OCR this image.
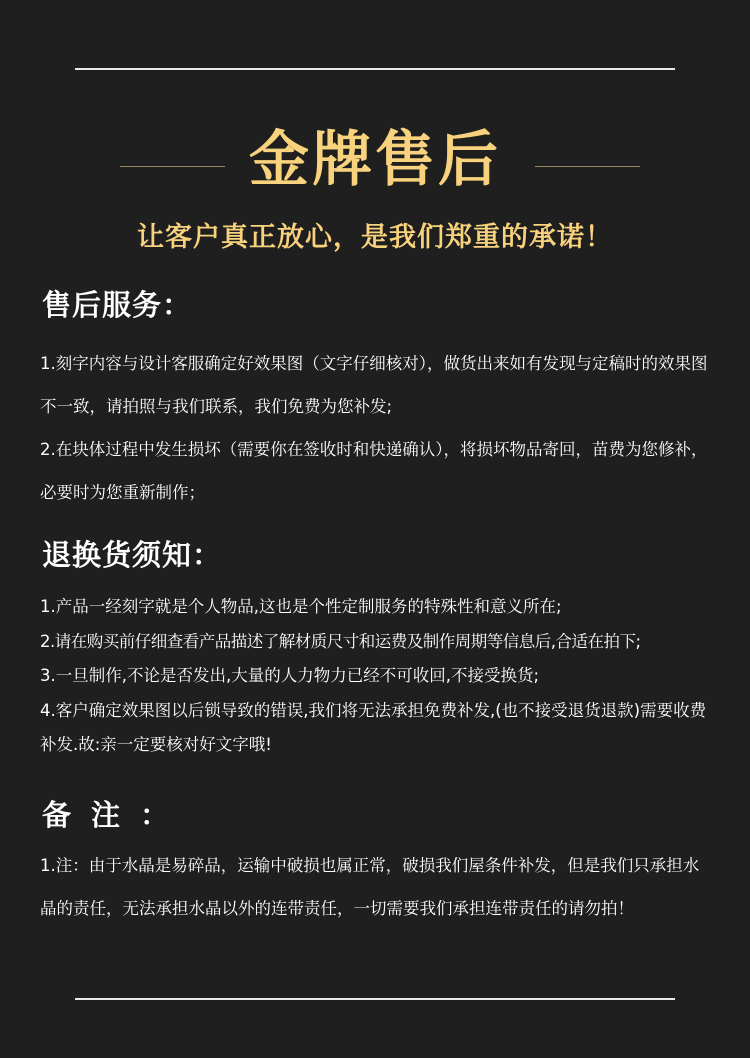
金牌售后
让客户真正放心，是我们郑重的承诺！
售后服务：

1.刻字内容与设计客服确定好效果图（文字仔细核对），做货出来如有发现与定稿时的效果图不一致，请拍照与我们联系，我们免费为您补发;

2.在块体过程中发生损坏（需要你在签收时和快递确认），将损坏物品寄回，苗费为您修补，必要时为您重新制作；

退换货须知：

1.产品一经刻字就是个人物品,这也是个性定制服务的特殊性和意义所在;

2.请在购买前仔细查看产品描述了解材质尺寸和运费及制作周期等信息后,合适在拍下;

3.一旦制作,不论是否发出,大量的人力物力已经不可收回,不接受换货;

4.客户确定效果图以后锁导致的错误,我们将无法承担免费补发,(也不接受退货退款)需要收费补发.故:亲一定要核对好文字哦!

备注：

1.注：由于水晶是易碎品，运输中破损也属正常，破损我们屋条件补发，但是我们只承担水晶的责任，无法承担水晶以外的连带责任，一切需要我们承担连带责任的请勿拍！
